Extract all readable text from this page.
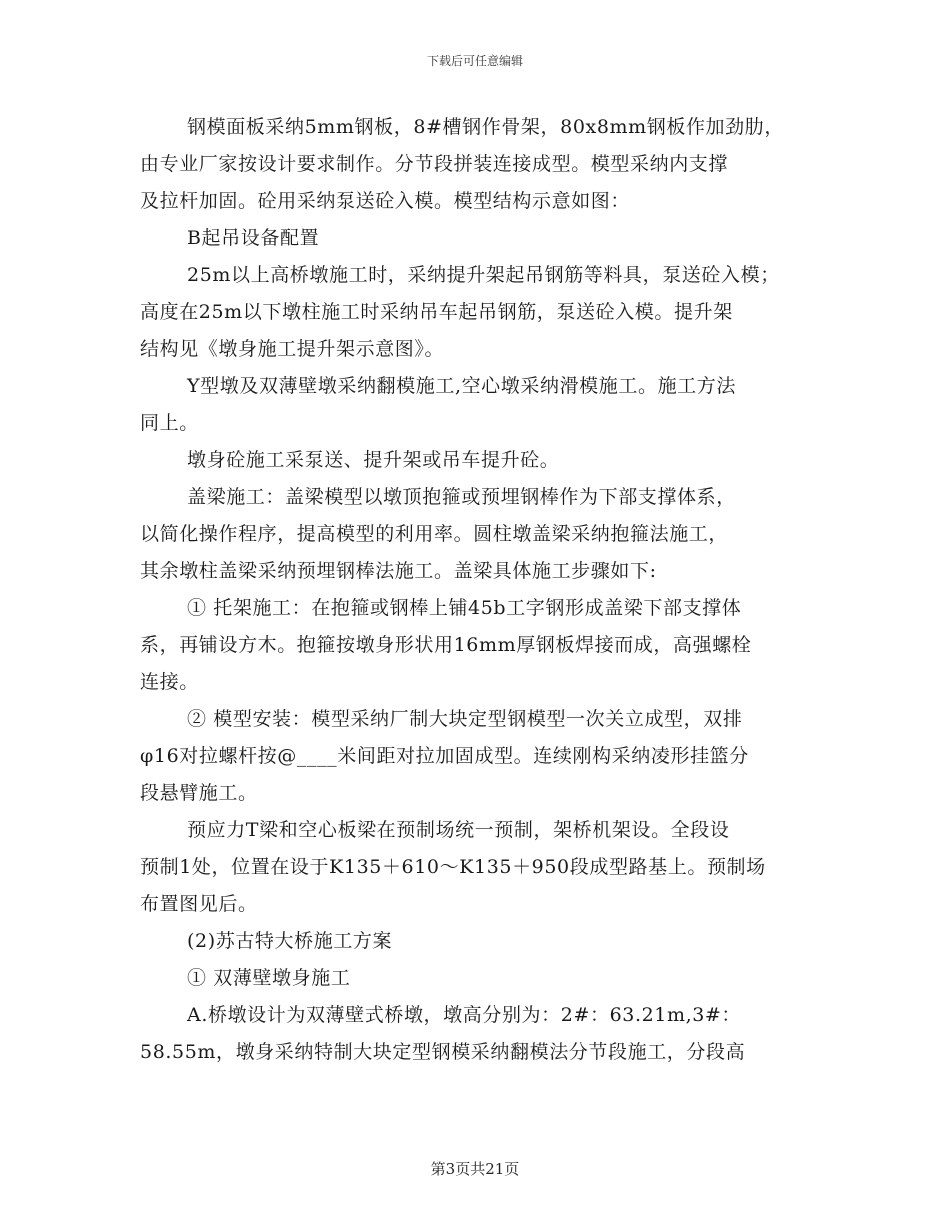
下载后可任意编辑
钢模面板采纳5mm钢板，8#槽钢作骨架，80x8mm钢板作加劲肋，
由专业厂家按设计要求制作。分节段拼装连接成型。模型采纳内支撑
及拉杆加固。砼用采纳泵送砼入模。模型结构示意如图：
B起吊设备配置
25m以上高桥墩施工时，采纳提升架起吊钢筋等料具，泵送砼入模；
高度在25m以下墩柱施工时采纳吊车起吊钢筋，泵送砼入模。提升架
结构见《墩身施工提升架示意图》。
Y型墩及双薄壁墩采纳翻模施工,空心墩采纳滑模施工。施工方法
同上。
墩身砼施工采泵送、提升架或吊车提升砼。
盖梁施工：盖梁模型以墩顶抱箍或预埋钢棒作为下部支撑体系，
以简化操作程序，提高模型的利用率。圆柱墩盖梁采纳抱箍法施工，
其余墩柱盖梁采纳预埋钢棒法施工。盖梁具体施工步骤如下:
① 托架施工：在抱箍或钢棒上铺45b工字钢形成盖梁下部支撑体
系，再铺设方木。抱箍按墩身形状用16mm厚钢板焊接而成，高强螺栓
连接。
② 模型安装：模型采纳厂制大块定型钢模型一次关立成型，双排
φ16对拉螺杆按@____米间距对拉加固成型。连续刚构采纳凌形挂篮分
段悬臂施工。
预应力T梁和空心板梁在预制场统一预制，架桥机架设。全段设
预制1处，位置在设于K135＋610～K135＋950段成型路基上。预制场
布置图见后。
(2)苏古特大桥施工方案
① 双薄壁墩身施工
A.桥墩设计为双薄壁式桥墩，墩高分别为：2#：63.21m,3#：
58.55m，墩身采纳特制大块定型钢模采纳翻模法分节段施工，分段高
第3页共21页
